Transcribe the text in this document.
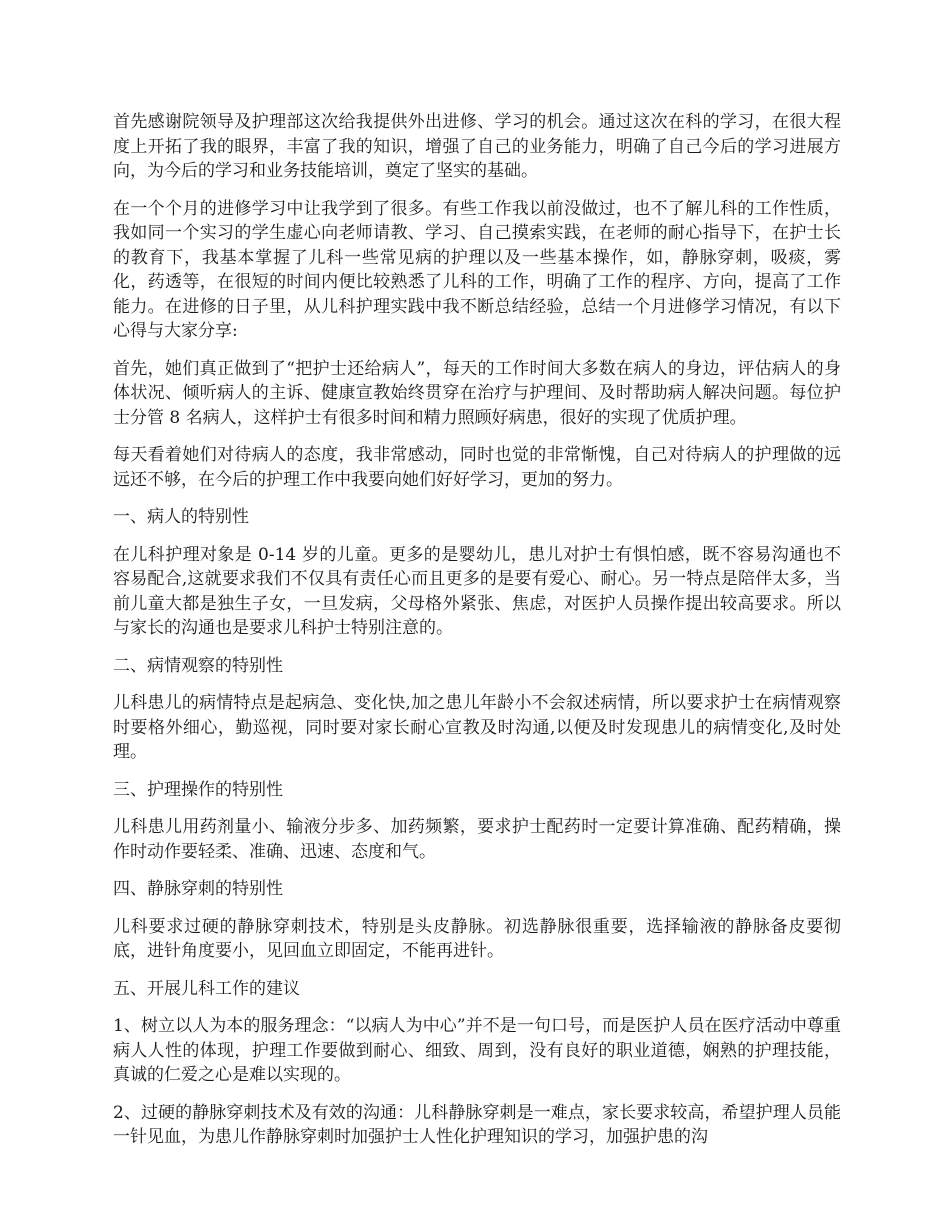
首先感谢院领导及护理部这次给我提供外出进修、学习的机会。通过这次在科的学习，在很大程度上开拓了我的眼界，丰富了我的知识，增强了自己的业务能力，明确了自己今后的学习进展方向，为今后的学习和业务技能培训，奠定了坚实的基础。

在一个个月的进修学习中让我学到了很多。有些工作我以前没做过，也不了解儿科的工作性质，我如同一个实习的学生虚心向老师请教、学习、自己摸索实践，在老师的耐心指导下，在护士长的教育下，我基本掌握了儿科一些常见病的护理以及一些基本操作，如，静脉穿刺，吸痰，雾化，药透等，在很短的时间内便比较熟悉了儿科的工作，明确了工作的程序、方向，提高了工作能力。在进修的日子里，从儿科护理实践中我不断总结经验，总结一个月进修学习情况，有以下心得与大家分享:

首先，她们真正做到了“把护士还给病人”，每天的工作时间大多数在病人的身边，评估病人的身体状况、倾听病人的主诉、健康宣教始终贯穿在治疗与护理间、及时帮助病人解决问题。每位护士分管 8 名病人，这样护士有很多时间和精力照顾好病患，很好的实现了优质护理。

每天看着她们对待病人的态度，我非常感动，同时也觉的非常惭愧，自己对待病人的护理做的远远还不够，在今后的护理工作中我要向她们好好学习，更加的努力。

一、病人的特别性

在儿科护理对象是 0-14 岁的儿童。更多的是婴幼儿，患儿对护士有惧怕感，既不容易沟通也不容易配合,这就要求我们不仅具有责任心而且更多的是要有爱心、耐心。另一特点是陪伴太多，当前儿童大都是独生子女，一旦发病，父母格外紧张、焦虑，对医护人员操作提出较高要求。所以与家长的沟通也是要求儿科护士特别注意的。

二、病情观察的特别性

儿科患儿的病情特点是起病急、变化快,加之患儿年龄小不会叙述病情，所以要求护士在病情观察时要格外细心，勤巡视，同时要对家长耐心宣教及时沟通,以便及时发现患儿的病情变化,及时处理。

三、护理操作的特别性

儿科患儿用药剂量小、输液分步多、加药频繁，要求护士配药时一定要计算准确、配药精确，操作时动作要轻柔、准确、迅速、态度和气。

四、静脉穿刺的特别性

儿科要求过硬的静脉穿刺技术，特别是头皮静脉。初选静脉很重要，选择输液的静脉备皮要彻底，进针角度要小，见回血立即固定，不能再进针。

五、开展儿科工作的建议

1、树立以人为本的服务理念：“以病人为中心”并不是一句口号，而是医护人员在医疗活动中尊重病人人性的体现，护理工作要做到耐心、细致、周到，没有良好的职业道德，娴熟的护理技能，真诚的仁爱之心是难以实现的。

2、过硬的静脉穿刺技术及有效的沟通：儿科静脉穿刺是一难点，家长要求较高，希望护理人员能一针见血，为患儿作静脉穿刺时加强护士人性化护理知识的学习，加强护患的沟
